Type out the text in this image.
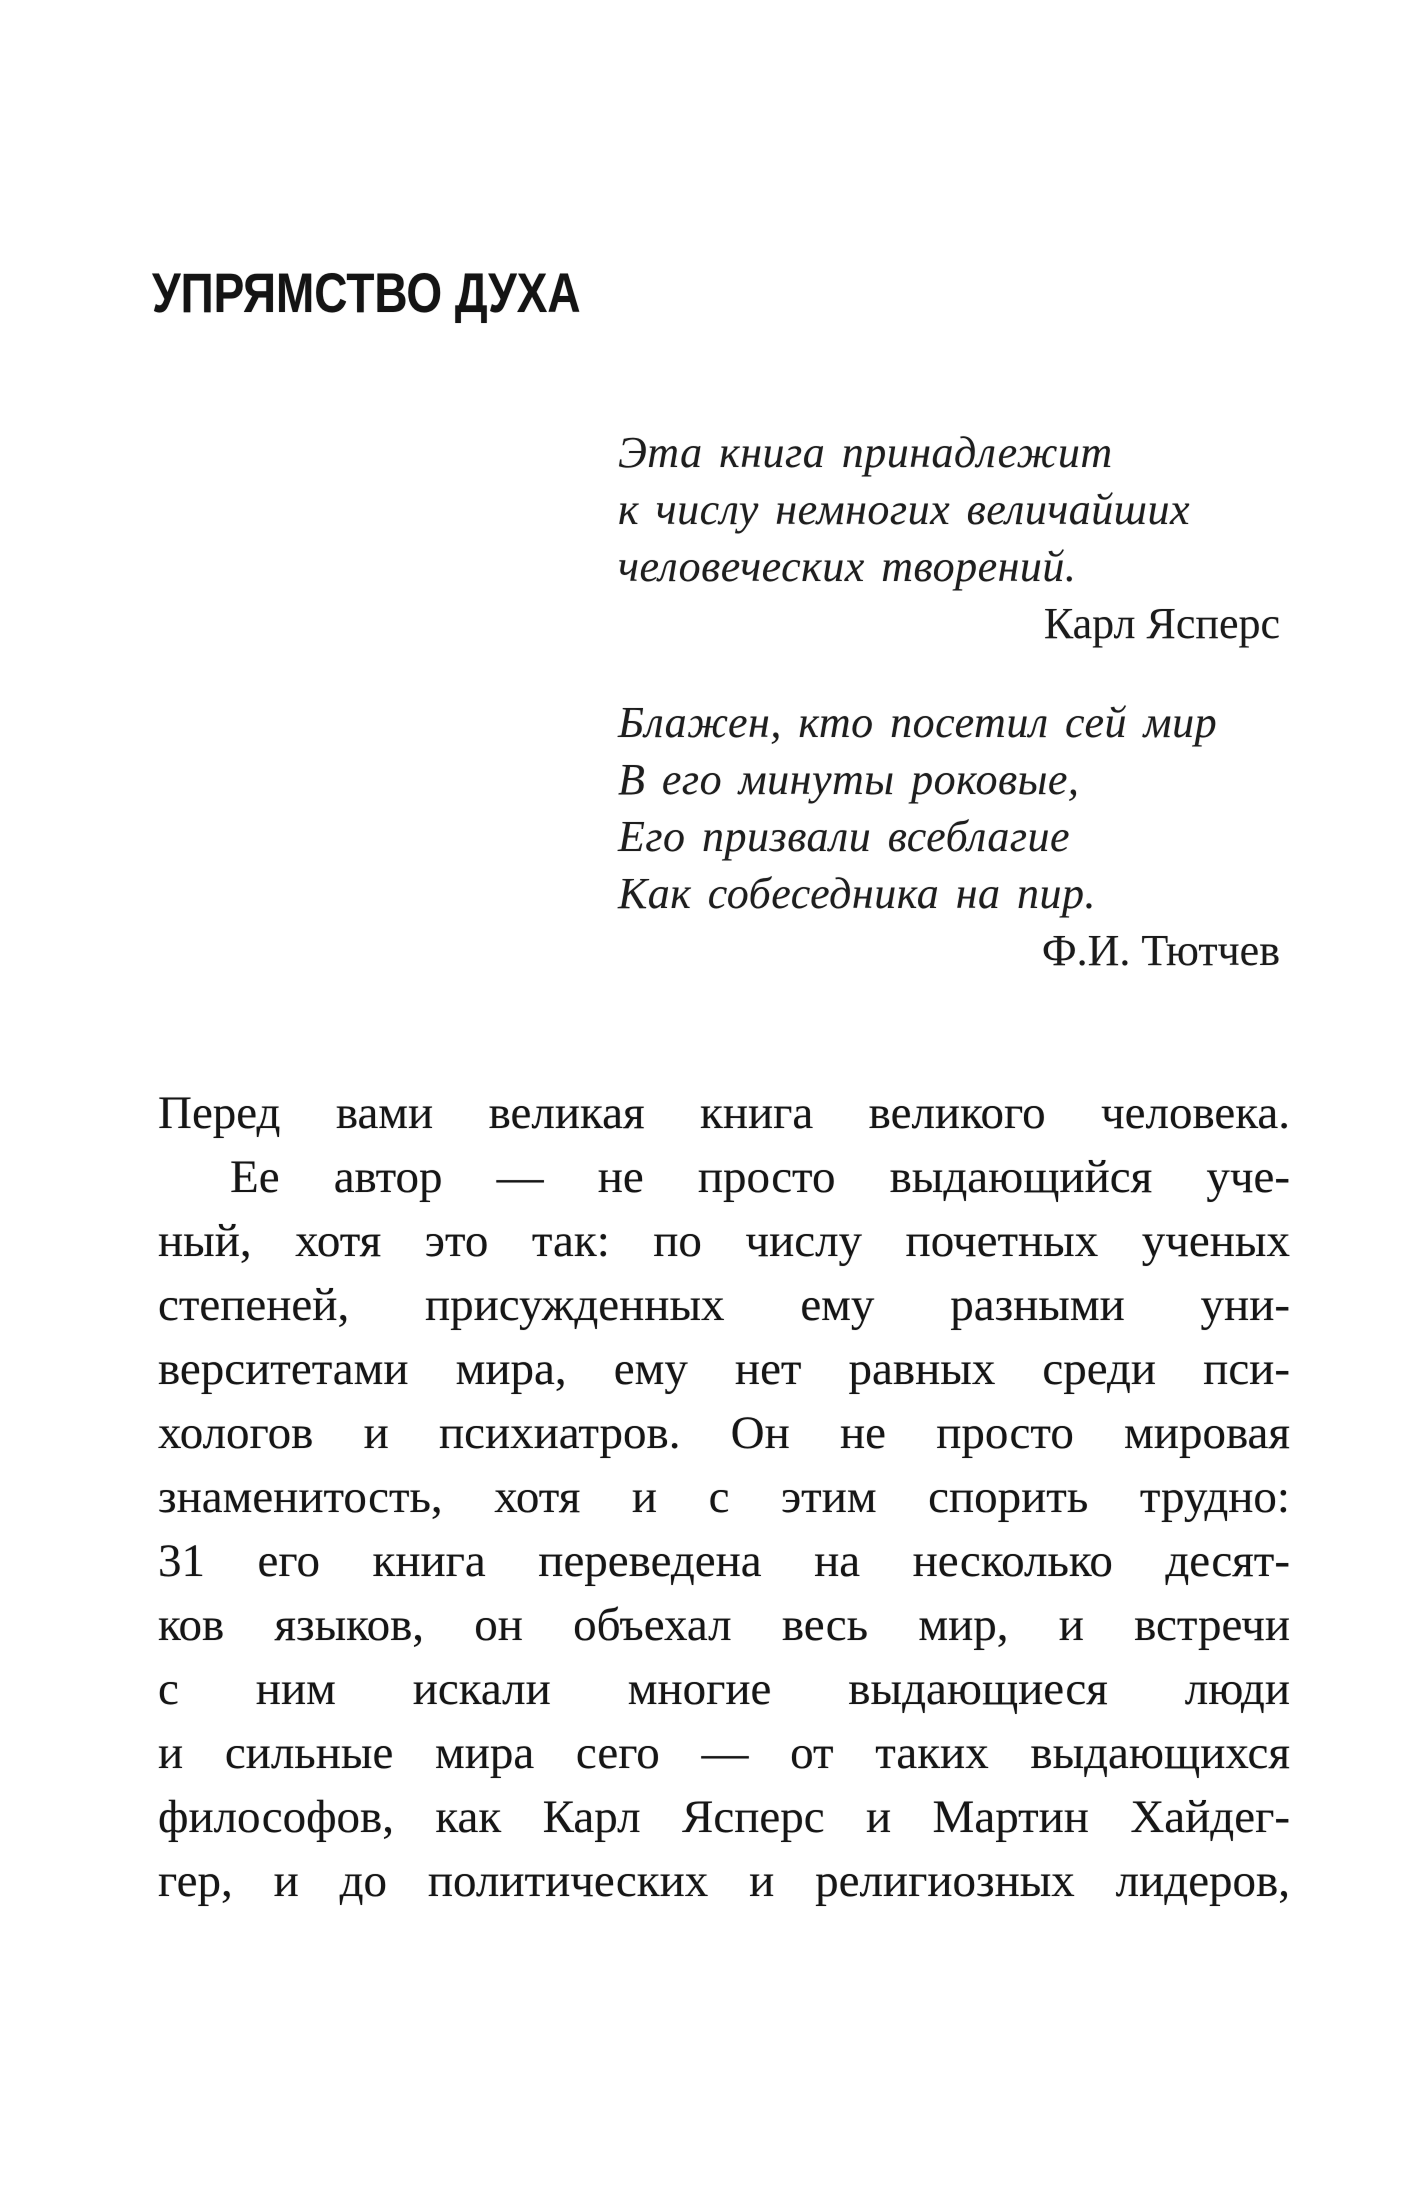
УПРЯМСТВО ДУХА
Эта книга принадлежит
к числу немногих величайших
человеческих творений.
Карл Ясперс
Блажен, кто посетил сей мир
В его минуты роковые,
Его призвали всеблагие
Как собеседника на пир.
Ф.И. Тютчев
Перед вами великая книга великого человека.
Ее автор — не просто выдающийся уче-
ный, хотя это так: по числу почетных ученых
степеней, присужденных ему разными уни-
верситетами мира, ему нет равных среди пси-
хологов и психиатров. Он не просто мировая
знаменитость, хотя и с этим спорить трудно:
31 его книга переведена на несколько десят-
ков языков, он объехал весь мир, и встречи
с ним искали многие выдающиеся люди
и сильные мира сего — от таких выдающихся
философов, как Карл Ясперс и Мартин Хайдег-
гер, и до политических и религиозных лидеров,
